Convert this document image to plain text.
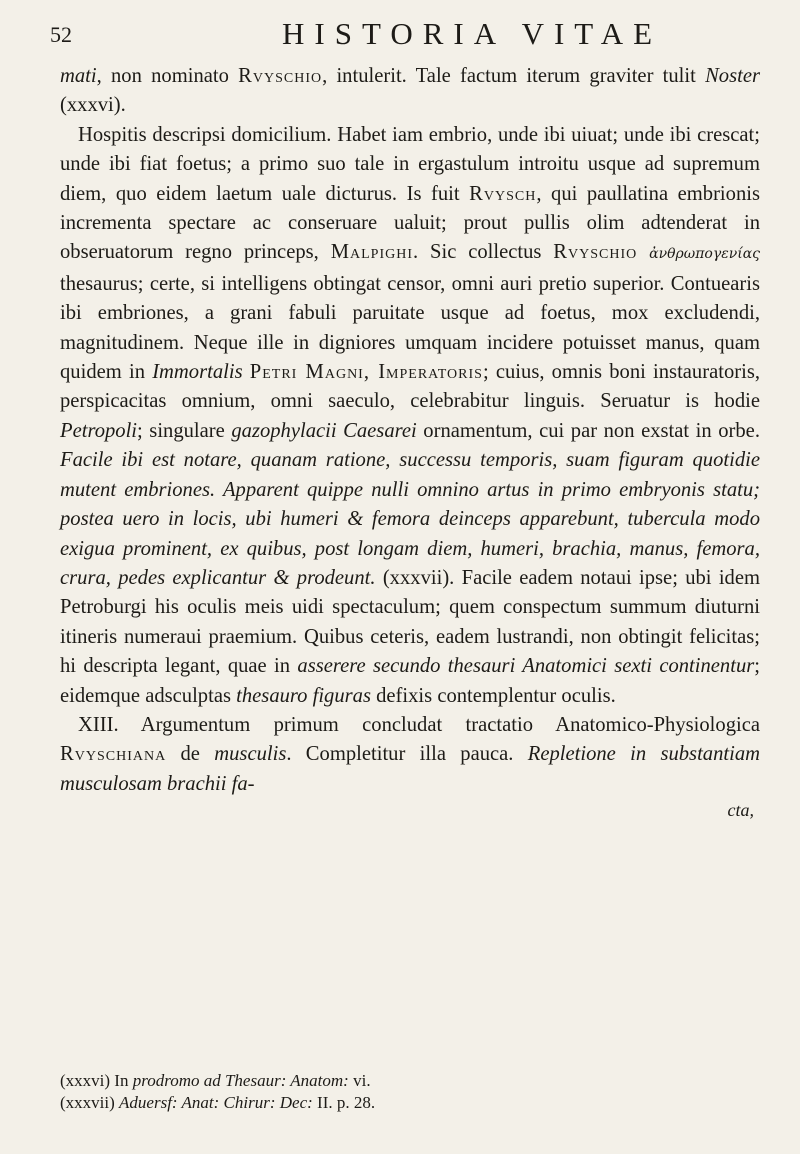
52	HISTORIA VITAE

mati, non nominato Rvyschio, intulerit. Tale factum iterum graviter tulit Noster (xxxvi).

Hospitis descripsi domicilium. Habet iam embrio, unde ibi uiuat; unde ibi crescat; unde ibi fiat foetus; a primo suo tale in ergastulum introitu usque ad supremum diem, quo eidem laetum uale dicturus. Is fuit Rvysch, qui paullatina embrionis incrementa spectare ac conseruare ualuit; prout pullis olim adtenderat in obseruatorum regno princeps, Malpighi. Sic collectus Rvyschio ἀνθρωπογενίας thesaurus; certe, si intelligens obtingat censor, omni auri pretio superior. Contuearis ibi embriones, a grani fabuli paruitate usque ad foetus, mox excludendi, magnitudinem. Neque ille in digniores umquam incidere potuisset manus, quam quidem in Immortalis Petri Magni, Imperatoris; cuius, omnis boni instauratoris, perspicacitas omnium, omni saeculo, celebrabitur linguis. Seruatur is hodie Petropoli; singulare gazophylacii Caesarei ornamentum, cui par non exstat in orbe. Facile ibi est notare, quanam ratione, successu temporis, suam figuram quotidie mutent embriones. Apparent quippe nulli omnino artus in primo embryonis statu; postea uero in locis, ubi humeri & femora deinceps apparebunt, tubercula modo exigua prominent, ex quibus, post longam diem, humeri, brachia, manus, femora, crura, pedes explicantur & prodeunt. (xxxvii). Facile eadem notaui ipse; ubi idem Petroburgi his oculis meis uidi spectaculum; quem conspectum summum diuturni itineris numeraui praemium. Quibus ceteris, eadem lustrandi, non obtingit felicitas; hi descripta legant, quae in asserere secundo thesauri Anatomici sexti continentur; eidemque adsculptas thesauro figuras defixis contemplentur oculis.

XIII. Argumentum primum concludat tractatio Anatomico-Physiologica Rvyschiana de musculis. Completitur illa pauca. Repletione in substantiam musculosam brachii fa-

cta,
(xxxvi) In prodromo ad Thesaur: Anatom: vi.
(xxxvii) Aduersf: Anat: Chirur: Dec: II. p. 28.
